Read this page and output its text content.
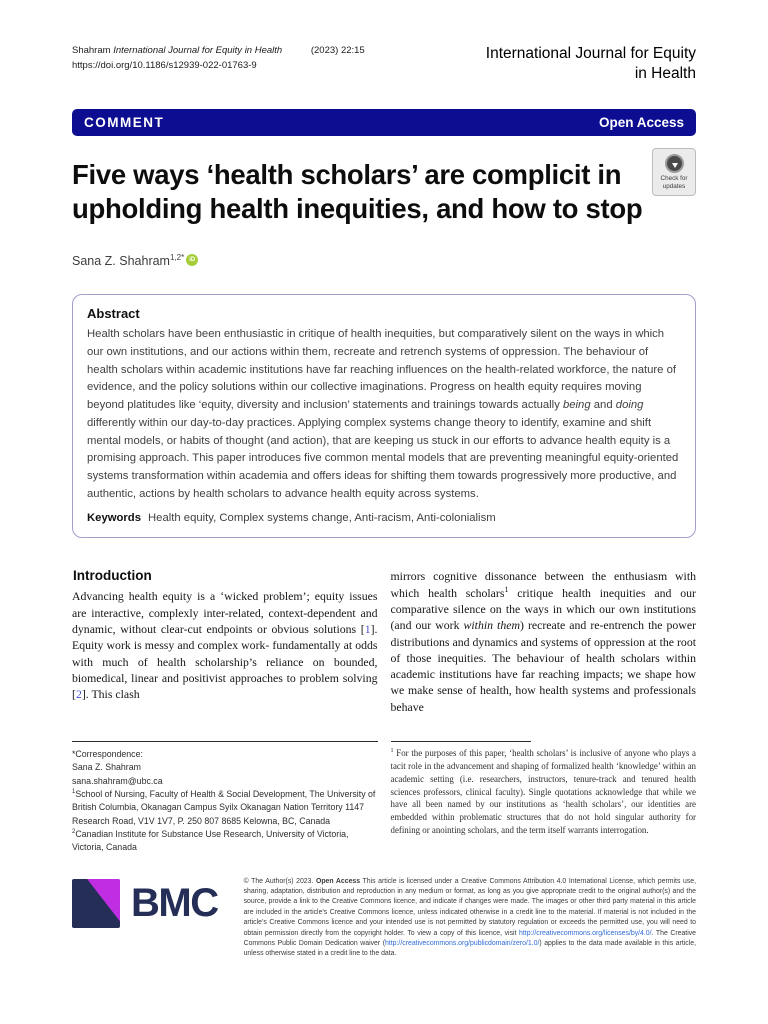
Shahram International Journal for Equity in Health	(2023) 22:15
https://doi.org/10.1186/s12939-022-01763-9
International Journal for Equity
in Health
COMMENT	Open Access
Five ways ‘health scholars’ are complicit in upholding health inequities, and how to stop
Sana Z. Shahram$^{1,2*}$ iD
Abstract
Health scholars have been enthusiastic in critique of health inequities, but comparatively silent on the ways in which our own institutions, and our actions within them, recreate and retrench systems of oppression. The behaviour of health scholars within academic institutions have far reaching influences on the health-related workforce, the nature of evidence, and the policy solutions within our collective imaginations. Progress on health equity requires moving beyond platitudes like ‘equity, diversity and inclusion’ statements and trainings towards actually being and doing differently within our day-to-day practices. Applying complex systems change theory to identify, examine and shift mental models, or habits of thought (and action), that are keeping us stuck in our efforts to advance health equity is a promising approach. This paper introduces five common mental models that are preventing meaningful equity-oriented systems transformation within academia and offers ideas for shifting them towards progressively more productive, and authentic, actions by health scholars to advance health equity across systems.
Keywords Health equity, Complex systems change, Anti-racism, Anti-colonialism
Introduction

Advancing health equity is a ‘wicked problem’; equity issues are interactive, complexly inter-related, context-dependent and dynamic, without clear-cut endpoints or obvious solutions [1]. Equity work is messy and complex work- fundamentally at odds with much of health scholarship’s reliance on bounded, biomedical, linear and positivist approaches to problem solving [2]. This clash

mirrors cognitive dissonance between the enthusiasm with which health scholars$^1$ critique health inequities and our comparative silence on the ways in which our own institutions (and our work within them) recreate and re-entrench the power distributions and dynamics and systems of oppression at the root of those inequities. The behaviour of health scholars within academic institutions have far reaching impacts; we shape how we make sense of health, how health systems and professionals behave

*Correspondence:
Sana Z. Shahram
sana.shahram@ubc.ca
$^1$School of Nursing, Faculty of Health & Social Development, The University of British Columbia, Okanagan Campus Syilx Okanagan Nation Territory 1147 Research Road, V1V 1V7, P. 250 807 8685 Kelowna, BC, Canada
$^2$Canadian Institute for Substance Use Research, University of Victoria, Victoria, Canada
$^1$ For the purposes of this paper, ‘health scholars’ is inclusive of anyone who plays a tacit role in the advancement and shaping of formalized health ‘knowledge’ within an academic setting (i.e. researchers, instructors, tenure-track and tenured health sciences professors, clinical faculty). Single quotations acknowledge that while we have all been named by our institutions as ‘health scholars’, our identities are embedded within problematic structures that do not hold singular authority for defining or anointing scholars, and the term itself warrants interrogation.
BMC	© The Author(s) 2023. Open Access This article is licensed under a Creative Commons Attribution 4.0 International License, which permits use, sharing, adaptation, distribution and reproduction in any medium or format, as long as you give appropriate credit to the original author(s) and the source, provide a link to the Creative Commons licence, and indicate if changes were made. The images or other third party material in this article are included in the article’s Creative Commons licence, unless indicated otherwise in a credit line to the material. If material is not included in the article’s Creative Commons licence and your intended use is not permitted by statutory regulation or exceeds the permitted use, you will need to obtain permission directly from the copyright holder. To view a copy of this licence, visit http://creativecommons.org/licenses/by/4.0/. The Creative Commons Public Domain Dedication waiver (http://creativecommons.org/publicdomain/zero/1.0/) applies to the data made available in this article, unless otherwise stated in a credit line to the data.
Check for
updates
